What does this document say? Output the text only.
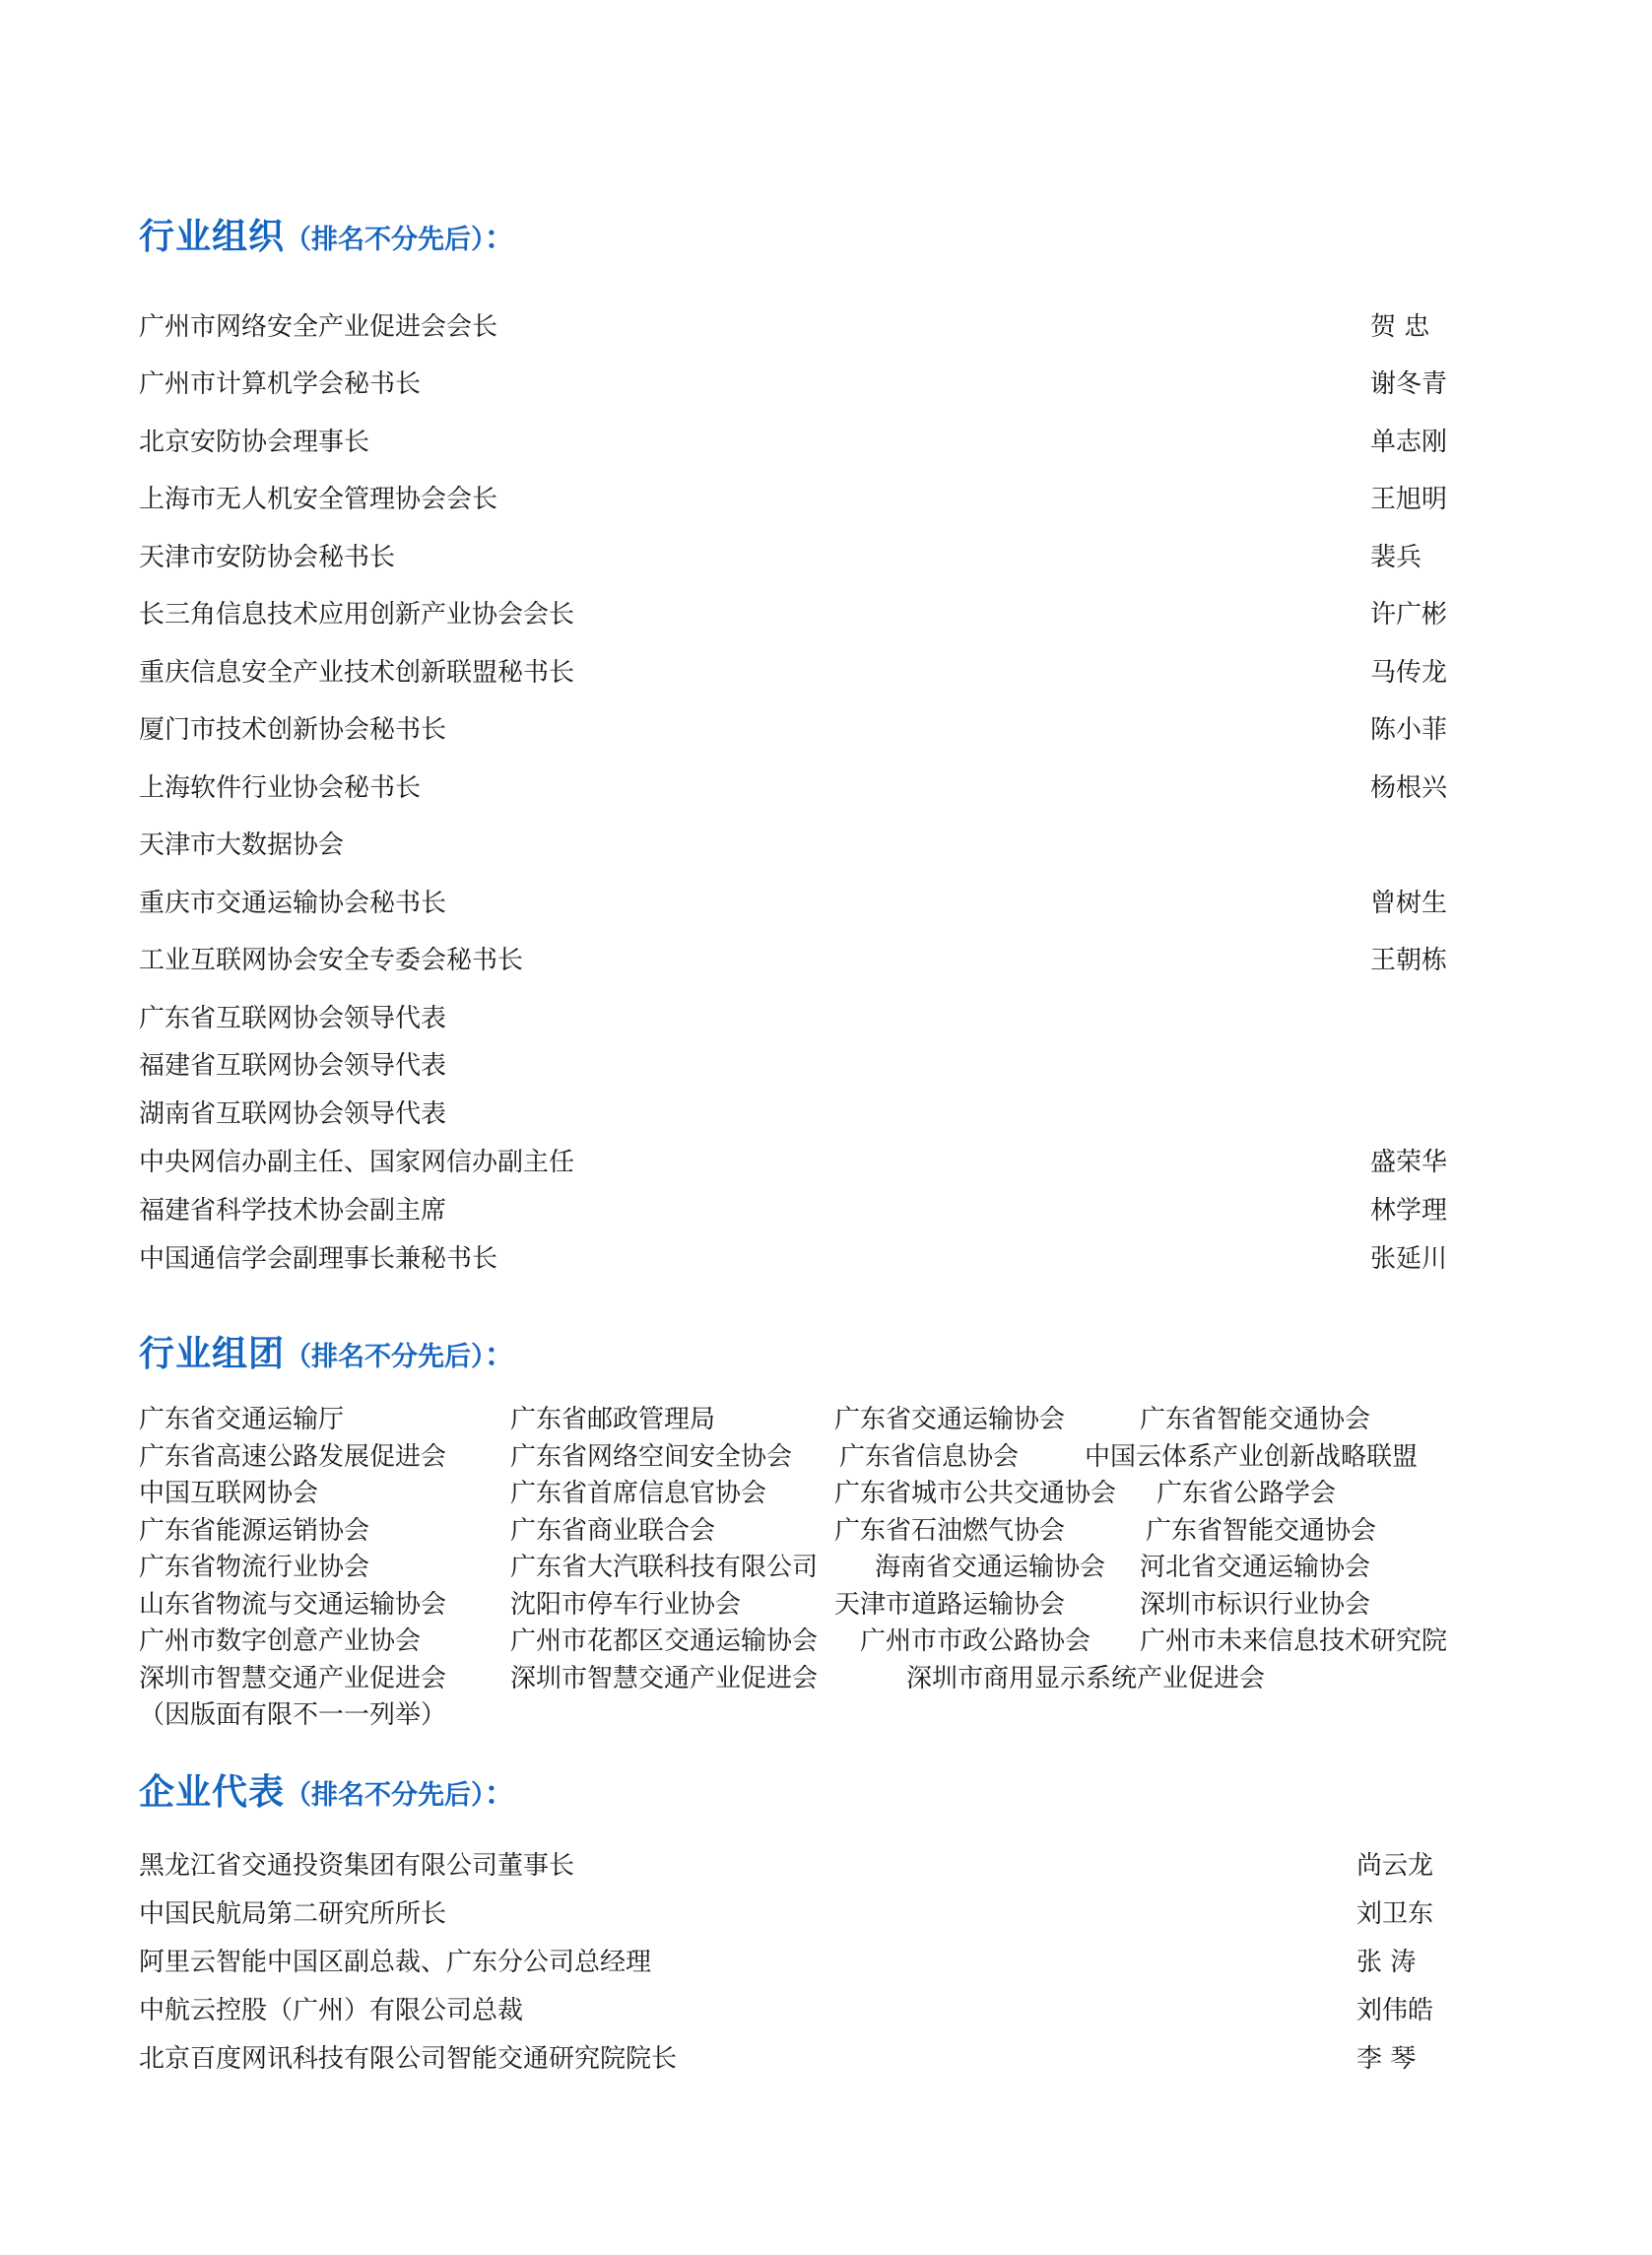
行业组织（排名不分先后）：
广州市网络安全产业促进会会长	贺 忠
广州市计算机学会秘书长	谢冬青
北京安防协会理事长	单志刚
上海市无人机安全管理协会会长	王旭明
天津市安防协会秘书长	裴兵
长三角信息技术应用创新产业协会会长	许广彬
重庆信息安全产业技术创新联盟秘书长	马传龙
厦门市技术创新协会秘书长	陈小菲
上海软件行业协会秘书长	杨根兴
天津市大数据协会
重庆市交通运输协会秘书长	曾树生
工业互联网协会安全专委会秘书长	王朝栋
广东省互联网协会领导代表
福建省互联网协会领导代表
湖南省互联网协会领导代表
中央网信办副主任、国家网信办副主任	盛荣华
福建省科学技术协会副主席	林学理
中国通信学会副理事长兼秘书长	张延川
行业组团（排名不分先后）：
广东省交通运输厅	广东省邮政管理局	广东省交通运输协会	广东省智能交通协会
广东省高速公路发展促进会 广东省网络空间安全协会 广东省信息协会	中国云体系产业创新战略联盟
中国互联网协会	广东省首席信息官协会	广东省城市公共交通协会 广东省公路学会
广东省能源运销协会	广东省商业联合会	广东省石油燃气协会	广东省智能交通协会
广东省物流行业协会	广东省大汽联科技有限公司 海南省交通运输协会 河北省交通运输协会
山东省物流与交通运输协会 沈阳市停车行业协会	天津市道路运输协会	深圳市标识行业协会
广州市数字创意产业协会	广州市花都区交通运输协会 广州市市政公路协会 广州市未来信息技术研究院
深圳市智慧交通产业促进会 深圳市智慧交通产业促进会	深圳市商用显示系统产业促进会
（因版面有限不一一列举）
企业代表（排名不分先后）：
黑龙江省交通投资集团有限公司董事长	尚云龙
中国民航局第二研究所所长	刘卫东
阿里云智能中国区副总裁、广东分公司总经理	张 涛
中航云控股（广州）有限公司总裁	刘伟皓
北京百度网讯科技有限公司智能交通研究院院长	李 琴
